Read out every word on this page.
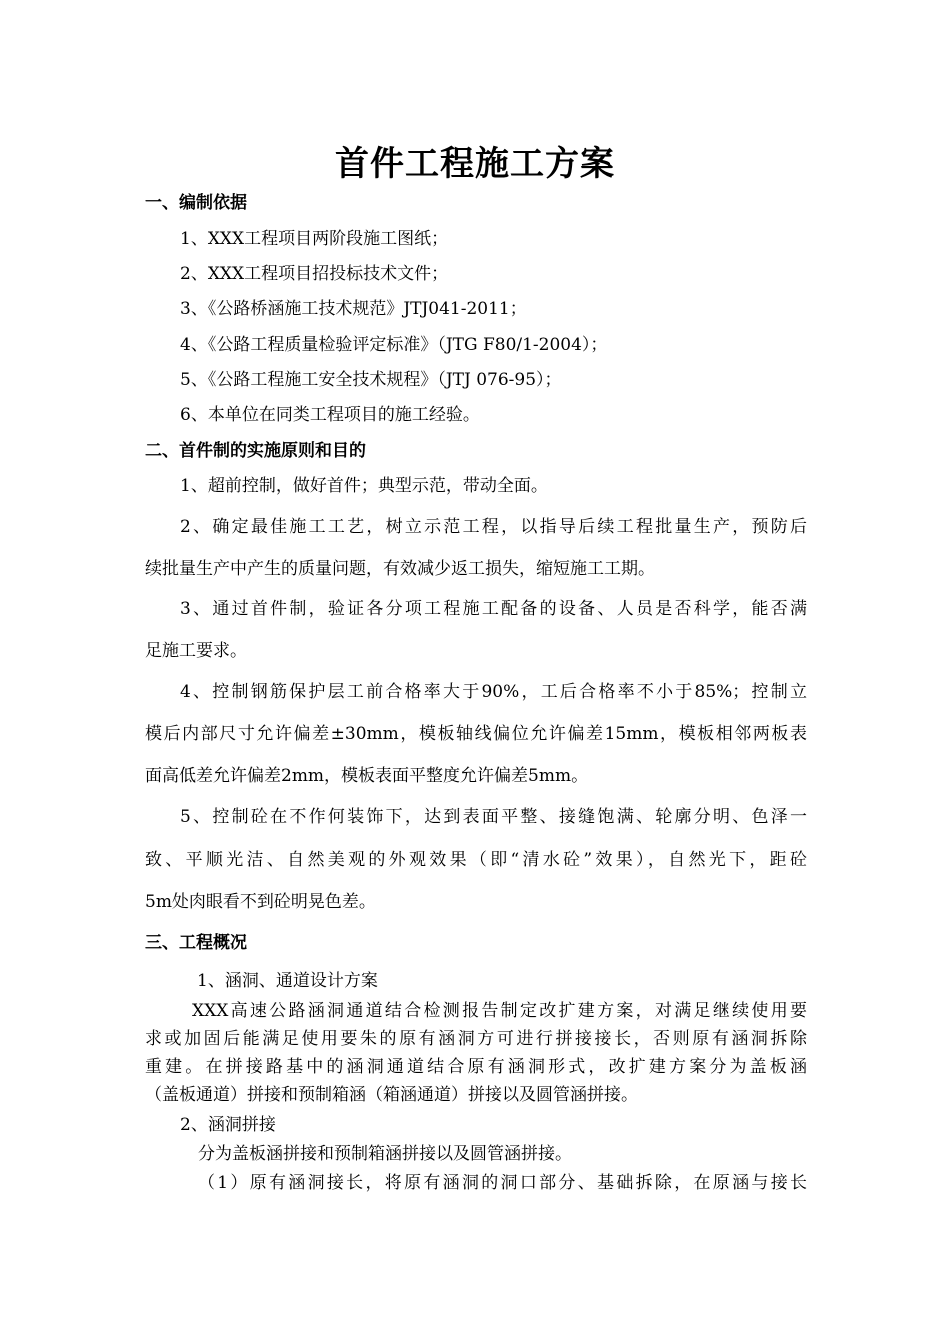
首件工程施工方案
一、编制依据
1、XXX工程项目两阶段施工图纸；
2、XXX工程项目招投标技术文件；
3、《公路桥涵施工技术规范》JTJ041-2011；
4、《公路工程质量检验评定标准》（JTG F80/1-2004）；
5、《公路工程施工安全技术规程》（JTJ 076-95）；
6、本单位在同类工程项目的施工经验。
二、首件制的实施原则和目的
1、超前控制，做好首件；典型示范，带动全面。
2、确定最佳施工工艺，树立示范工程，以指导后续工程批量生产，预防后
续批量生产中产生的质量问题，有效减少返工损失，缩短施工工期。
3、通过首件制，验证各分项工程施工配备的设备、人员是否科学，能否满
足施工要求。
4、控制钢筋保护层工前合格率大于90%，工后合格率不小于85%；控制立
模后内部尺寸允许偏差±30mm，模板轴线偏位允许偏差15mm，模板相邻两板表
面高低差允许偏差2mm，模板表面平整度允许偏差5mm。
5、控制砼在不作何装饰下，达到表面平整、接缝饱满、轮廓分明、色泽一
致、平顺光洁、自然美观的外观效果（即“清水砼”效果），自然光下，距砼
5m处肉眼看不到砼明晃色差。
三、工程概况
1、涵洞、通道设计方案
XXX高速公路涵洞通道结合检测报告制定改扩建方案，对满足继续使用要
求或加固后能满足使用要朱的原有涵洞方可进行拼接接长，否则原有涵洞拆除
重建。在拼接路基中的涵洞通道结合原有涵洞形式，改扩建方案分为盖板涵
（盖板通道）拼接和预制箱涵（箱涵通道）拼接以及圆管涵拼接。
2、涵洞拼接
分为盖板涵拼接和预制箱涵拼接以及圆管涵拼接。
（1）原有涵洞接长，将原有涵洞的洞口部分、基础拆除，在原涵与接长
